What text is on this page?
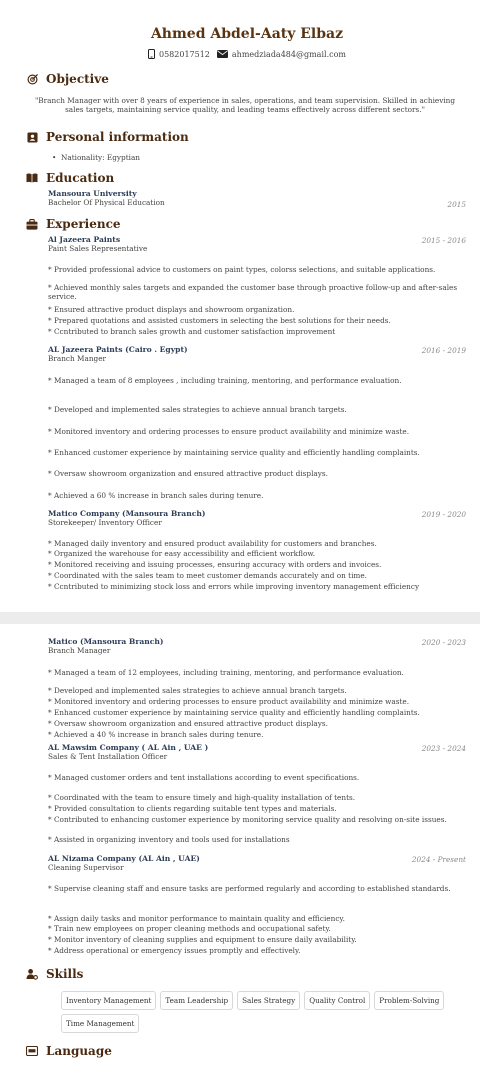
Ahmed Abdel-Aaty Elbaz
0582017512	ahmedziada484@gmail.com
Objective

"Branch Manager with over 8 years of experience in sales, operations, and team supervision. Skilled in achieving sales targets, maintaining service quality, and leading teams effectively across different sectors."

Personal information
•  Nationality: Egyptian
Education
Mansoura University
Bachelor Of Physical Education	2015
Experience
Al Jazeera Paints
Paint Sales Representative
2015 - 2016

* Provided professional advice to customers on paint types, colorss selections, and suitable applications.

* Achieved monthly sales targets and expanded the customer base through proactive follow-up and after-sales service.

* Ensured attractive product displays and showroom organization.

* Prepared quotations and assisted customers in selecting the best solutions for their needs.

* Ccntributed to branch sales growth and customer satisfaction improvement

AL Jazeera Paints (Cairo . Egypt)
Branch Manger
2016 - 2019

* Managed a team of 8 employees , including training, mentoring, and performance evaluation.

* Developed and implemented sales strategies to achieve annual branch targets.

* Monitored inventory and ordering processes to ensure product availability and minimize waste.

* Enhanced customer experience by maintaining service quality and efficiently handling complaints.

* Oversaw showroom organization and ensured attractive product displays.

* Achieved a 60 % increase in branch sales during tenure.

Matico Company (Mansoura Branch)
Storekeeper/ Inventory Officer
2019 - 2020

* Managed daily inventory and ensured product availability for customers and branches.

* Organized the warehouse for easy accessibility and efficient workflow.

* Monitored receiving and issuing processes, ensuring accuracy with orders and invoices.

* Coordinated with the sales team to meet customer demands accurately and on time.

* Ccntributed to minimizing stock loss and errors while improving inventory management efficiency

Matico (Mansoura Branch)
Branch Manager
2020 - 2023

* Managed a team of 12 employees, including training, mentoring, and performance evaluation.

* Developed and implemented sales strategies to achieve annual branch targets.

* Monitored inventory and ordering processes to ensure product availability and minimize waste.

* Enhanced customer experience by maintaining service quality and efficiently handling complaints.

* Oversaw showroom organization and ensured attractive product displays.

* Achieved a 40 % increase in branch sales during tenure.

AL Mawsim Company ( AL Ain , UAE )
Sales & Tent Installation Officer
2023 - 2024

* Managed customer orders and tent installations according to event specifications.

* Coordinated with the team to ensure timely and high-quality installation of tents.

* Provided consultation to clients regarding suitable tent types and materials.

* Contributed to enhancing customer experience by monitoring service quality and resolving on-site issues.

* Assisted in organizing inventory and tools used for installations

AL Nizama Company (AL Ain , UAE)
Cleaning Supervisor
2024 - Present

* Supervise cleaning staff and ensure tasks are performed regularly and according to established standards.

* Assign daily tasks and monitor performance to maintain quality and efficiency.

* Train new employees on proper cleaning methods and occupational safety.

* Monitor inventory of cleaning supplies and equipment to ensure daily availability.

* Address operational or emergency issues promptly and effectively.

Skills
Inventory Management	Team Leadership	Sales Strategy	Quality Control	Problem-Solving
Time Management
Language
